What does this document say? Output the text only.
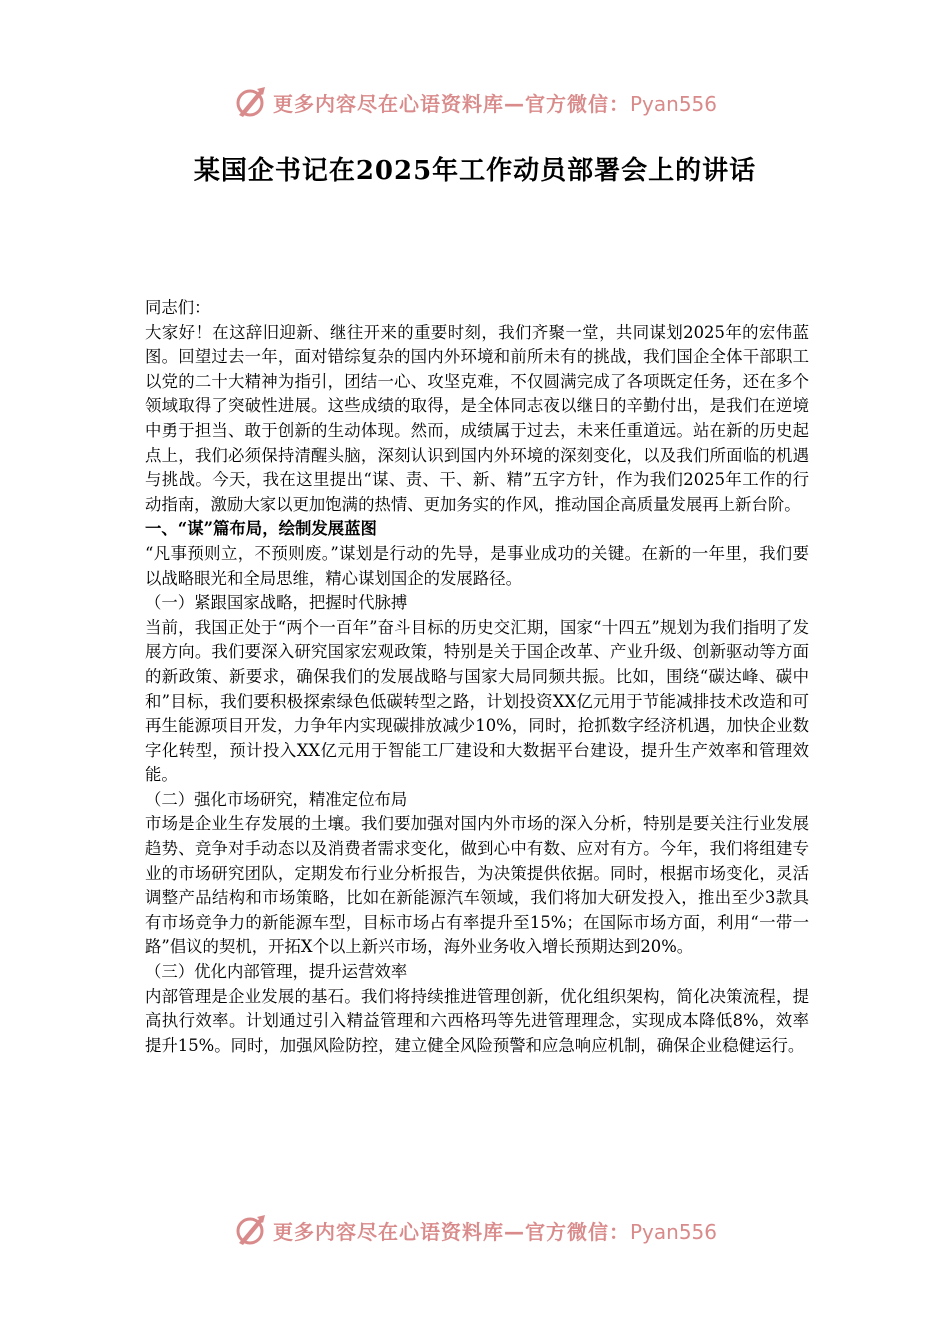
更多内容尽在心语资料库—官方微信：Pyan556
某国企书记在2025年工作动员部署会上的讲话

同志们：

大家好！在这辞旧迎新、继往开来的重要时刻，我们齐聚一堂，共同谋划2025年的宏伟蓝图。回望过去一年，面对错综复杂的国内外环境和前所未有的挑战，我们国企全体干部职工以党的二十大精神为指引，团结一心、攻坚克难，不仅圆满完成了各项既定任务，还在多个领域取得了突破性进展。这些成绩的取得，是全体同志夜以继日的辛勤付出，是我们在逆境中勇于担当、敢于创新的生动体现。然而，成绩属于过去，未来任重道远。站在新的历史起点上，我们必须保持清醒头脑，深刻认识到国内外环境的深刻变化，以及我们所面临的机遇与挑战。今天，我在这里提出“谋、责、干、新、精”五字方针，作为我们2025年工作的行动指南，激励大家以更加饱满的热情、更加务实的作风，推动国企高质量发展再上新台阶。

一、“谋”篇布局，绘制发展蓝图

“凡事预则立，不预则废。”谋划是行动的先导，是事业成功的关键。在新的一年里，我们要以战略眼光和全局思维，精心谋划国企的发展路径。

（一）紧跟国家战略，把握时代脉搏

当前，我国正处于“两个一百年”奋斗目标的历史交汇期，国家“十四五”规划为我们指明了发展方向。我们要深入研究国家宏观政策，特别是关于国企改革、产业升级、创新驱动等方面的新政策、新要求，确保我们的发展战略与国家大局同频共振。比如，围绕“碳达峰、碳中和”目标，我们要积极探索绿色低碳转型之路，计划投资XX亿元用于节能减排技术改造和可再生能源项目开发，力争年内实现碳排放减少10%，同时，抢抓数字经济机遇，加快企业数字化转型，预计投入XX亿元用于智能工厂建设和大数据平台建设，提升生产效率和管理效能。

（二）强化市场研究，精准定位布局

市场是企业生存发展的土壤。我们要加强对国内外市场的深入分析，特别是要关注行业发展趋势、竞争对手动态以及消费者需求变化，做到心中有数、应对有方。今年，我们将组建专业的市场研究团队，定期发布行业分析报告，为决策提供依据。同时，根据市场变化，灵活调整产品结构和市场策略，比如在新能源汽车领域，我们将加大研发投入，推出至少3款具有市场竞争力的新能源车型，目标市场占有率提升至15%；在国际市场方面，利用“一带一路”倡议的契机，开拓X个以上新兴市场，海外业务收入增长预期达到20%。

（三）优化内部管理，提升运营效率

内部管理是企业发展的基石。我们将持续推进管理创新，优化组织架构，简化决策流程，提高执行效率。计划通过引入精益管理和六西格玛等先进管理理念，实现成本降低8%，效率提升15%。同时，加强风险防控，建立健全风险预警和应急响应机制，确保企业稳健运行。

更多内容尽在心语资料库—官方微信：Pyan556
